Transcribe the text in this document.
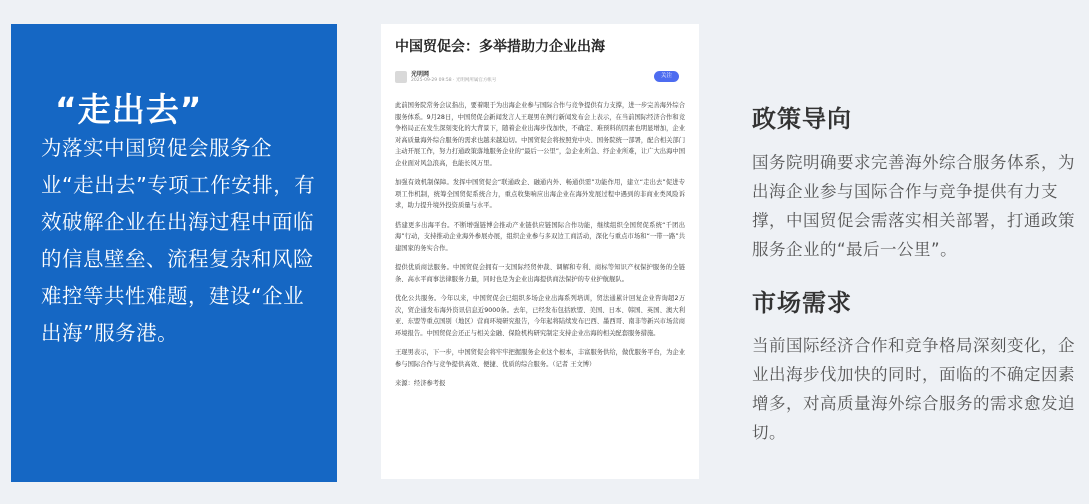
“走出去”
为落实中国贸促会服务企业“走出去”专项工作安排，有效破解企业在出海过程中面临的信息壁垒、流程复杂和风险难控等共性难题，建设“企业出海”服务港。
中国贸促会：多举措助力企业出海
光明网
2025-09-29 09:58 · 光明网所属官方帐号
关注

此前国务院常务会议指出，要着眼于为出海企业参与国际合作与竞争提供有力支撑，进一步完善海外综合服务体系。9月28日，中国贸促会新闻发言人王琨男在例行新闻发布会上表示，在当前国际经济合作和竞争格局正在发生深刻变化的大背景下，随着企业出海步伐加快，不确定、难预料的因素也明显增加，企业对高质量海外综合服务的需求也越来越迫切。中国贸促会将按照党中央、国务院统一部署，配合相关部门主动开展工作，努力打通政策落地服务企业的“最后一公里”，急企业所急、纾企业所难，让广大出海中国企业面对风急浪高，也能长风万里。

加强有效机制保障。发挥中国贸促会“联通政企、融通内外、畅通供需”功能作用，建立“走出去”促进专项工作机制，统筹全国贸促系统合力，重点收集响应出海企业在海外发展过程中遇到的非商业类风险诉求，助力提升境外投资质量与水平。

搭建更多出海平台。不断增强链博会推动产业链供应链国际合作功能，继续组织全国贸促系统“千团出海”行动，支持推动企业海外参展办展，组织企业参与多双边工商活动，深化与重点市场和“一带一路”共建国家的务实合作。

提供优质商法服务。中国贸促会拥有一支国际经贸仲裁、调解和专利、商标等知识产权保护服务的全链条、高水平商事法律服务力量，同时也是为企业出海提供商法保护的专业护航舰队。

优化公共服务。今年以来，中国贸促会已组织多场企业出海系列培训，贸法通累计回复企业咨询超2万次，贸企通发布海外资讯信息近9000条。去年，已经发布包括欧盟、美国、日本、韩国、英国、澳大利亚、东盟等重点国别（地区）营商环境研究报告，今年起将陆续发布巴西、墨西哥、南非等新兴市场营商环境报告。中国贸促会还正与相关金融、保险机构研究制定支持企业出海的相关配套服务措施。

王琨男表示，下一步，中国贸促会将牢牢把握服务企业这个根本，丰富服务供给，做优服务平台，为企业参与国际合作与竞争提供高效、便捷、优质的综合服务。（记者 王文博）

来源：经济参考报

政策导向
国务院明确要求完善海外综合服务体系，为出海企业参与国际合作与竞争提供有力支撑，中国贸促会需落实相关部署，打通政策服务企业的“最后一公里”。
市场需求
当前国际经济合作和竞争格局深刻变化，企业出海步伐加快的同时，面临的不确定因素增多，对高质量海外综合服务的需求愈发迫切。
